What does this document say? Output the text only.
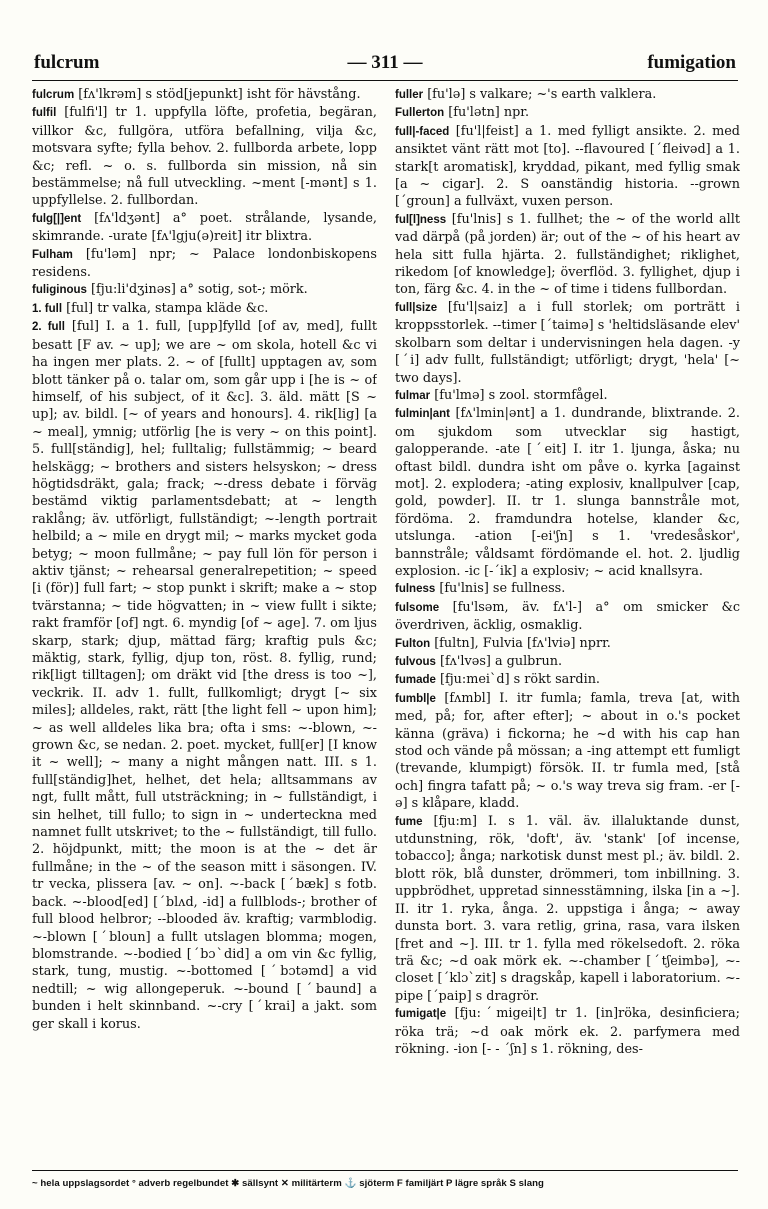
fulcrum	— 311 —	fumigation

fulcrum [fʌ'lkrəm] s stöd[jepunkt] isht för hävstång.

fulfil [fulfi'l] tr 1. uppfylla löfte, profetia, begäran, villkor &c, fullgöra, utföra befallning, vilja &c, motsvara syfte; fylla behov. 2. fullborda arbete, lopp &c; refl. ~ o. s. fullborda sin mission, nå sin bestämmelse; nå full utveckling. ~ment [-mənt] s 1. uppfyllelse. 2. fullbordan.

fulg[|]ent [fʌ'ldʒənt] a° poet. strålande, lysande, skimrande. -urate [fʌ'lgju(ə)reit] itr blixtra.

Fulham [fu'ləm] npr; ~ Palace londonbiskopens residens.

fuliginous [fju:li'dʒinəs] a° sotig, sot-; mörk.

1. full [ful] tr valka, stampa kläde &c.

2. full [ful] I. a 1. full, [upp]fylld [of av, med], fullt besatt [F av. ~ up]; we are ~ om skola, hotell &c vi ha ingen mer plats. 2. ~ of [fullt] upptagen av, som blott tänker på o. talar om, som går upp i [he is ~ of himself, of his subject, of it &c]. 3. äld. mätt [S ~ up]; av. bildl. [~ of years and honours]. 4. rik[lig] [a ~ meal], ymnig; utförlig [he is very ~ on this point]. 5. full[ständig], hel; fulltalig; fullstämmig; ~ beard helskägg; ~ brothers and sisters helsyskon; ~ dress högtidsdräkt, gala; frack; ~-dress debate i förväg bestämd viktig parlamentsdebatt; at ~ length raklång; äv. utförligt, fullständigt; ~-length portrait helbild; a ~ mile en drygt mil; ~ marks mycket goda betyg; ~ moon fullmåne; ~ pay full lön för person i aktiv tjänst; ~ rehearsal generalrepetition; ~ speed [i (för)] full fart; ~ stop punkt i skrift; make a ~ stop tvärstanna; ~ tide högvatten; in ~ view fullt i sikte; rakt framför [of] ngt. 6. myndig [of ~ age]. 7. om ljus skarp, stark; djup, mättad färg; kraftig puls &c; mäktig, stark, fyllig, djup ton, röst. 8. fyllig, rund; rik[ligt tilltagen]; om dräkt vid [the dress is too ~], veckrik. II. adv 1. fullt, fullkomligt; drygt [~ six miles]; alldeles, rakt, rätt [the light fell ~ upon him]; ~ as well alldeles lika bra; ofta i sms: ~-blown, ~-grown &c, se nedan. 2. poet. mycket, full[er] [I know it ~ well]; ~ many a night mången natt. III. s 1. full[ständig]het, helhet, det hela; alltsammans av ngt, fullt mått, full utsträckning; in ~ fullständigt, i sin helhet, till fullo; to sign in ~ underteckna med namnet fullt utskrivet; to the ~ fullständigt, till fullo. 2. höjdpunkt, mitt; the moon is at the ~ det är fullmåne; in the ~ of the season mitt i säsongen. IV. tr vecka, plissera [av. ~ on]. ~-back [ˊbæk] s fotb. back. ~-blood[ed] [ˊblʌd, -id] a fullblods-; brother of full blood helbror; --blooded äv. kraftig; varmblodig. ~-blown [ˊbloun] a fullt utslagen blomma; mogen, blomstrande. ~-bodied [ˊbɔˋdid] a om vin &c fyllig, stark, tung, mustig. ~-bottomed [ˊbɔtəmd] a vid nedtill; ~ wig allongeperuk. ~-bound [ˊbaund] a bunden i helt skinnband. ~-cry [ˊkrai] a jakt. som ger skall i korus.

fuller [fu'lə] s valkare; ~'s earth valklera.

Fullerton [fu'lətn] npr.

full|-faced [fu'l|feist] a 1. med fylligt ansikte. 2. med ansiktet vänt rätt mot [to]. --flavoured [ˊfleivəd] a 1. stark[t aromatisk], kryddad, pikant, med fyllig smak [a ~ cigar]. 2. S oanständig historia. --grown [ˊgroun] a fullväxt, vuxen person.

ful[l]ness [fu'lnis] s 1. fullhet; the ~ of the world allt vad därpå (på jorden) är; out of the ~ of his heart av hela sitt fulla hjärta. 2. fullständighet; riklighet, rikedom [of knowledge]; överflöd. 3. fyllighet, djup i ton, färg &c. 4. in the ~ of time i tidens fullbordan.

full|size [fu'l|saiz] a i full storlek; om porträtt i kroppsstorlek. --timer [ˊtaimə] s 'heltidsläsande elev' skolbarn som deltar i undervisningen hela dagen. -y [ˊi] adv fullt, fullständigt; utförligt; drygt, 'hela' [~ two days].

fulmar [fu'lmə] s zool. stormfågel.

fulmin|ant [fʌ'lmin|ənt] a 1. dundrande, blixtrande. 2. om sjukdom som utvecklar sig hastigt, galopperande. -ate [ˊeit] I. itr 1. ljunga, åska; nu oftast bildl. dundra isht om påve o. kyrka [against mot]. 2. explodera; -ating explosiv, knallpulver [cap, gold, powder]. II. tr 1. slunga bannstråle mot, fördöma. 2. framdundra hotelse, klander &c, utslunga. -ation [-ei'ʃn] s 1. 'vredesåskor', bannstråle; våldsamt fördömande el. hot. 2. ljudlig explosion. -ic [-ˊik] a explosiv; ~ acid knallsyra.

fulness [fu'lnis] se fullness.

fulsome [fu'lsəm, äv. fʌ'l-] a° om smicker &c överdriven, äcklig, osmaklig.

Fulton [fultn], Fulvia [fʌ'lviə] nprr.

fulvous [fʌ'lvəs] a gulbrun.

fumade [fju:meiˋd] s rökt sardin.

fumbl|e [fʌmbl] I. itr fumla; famla, treva [at, with med, på; for, after efter]; ~ about in o.'s pocket känna (gräva) i fickorna; he ~d with his cap han stod och vände på mössan; a -ing attempt ett fumligt (trevande, klumpigt) försök. II. tr fumla med, [stå och] fingra tafatt på; ~ o.'s way treva sig fram. -er [-ə] s klåpare, kladd.

fume [fju:m] I. s 1. väl. äv. illaluktande dunst, utdunstning, rök, 'doft', äv. 'stank' [of incense, tobacco]; ånga; narkotisk dunst mest pl.; äv. bildl. 2. blott rök, blå dunster, drömmeri, tom inbillning. 3. uppbrödhet, uppretad sinnesstämning, ilska [in a ~]. II. itr 1. ryka, ånga. 2. uppstiga i ånga; ~ away dunsta bort. 3. vara retlig, grina, rasa, vara ilsken [fret and ~]. III. tr 1. fylla med rökelsedoft. 2. röka trä &c; ~d oak mörk ek. ~-chamber [ˊtʃeimbə], ~-closet [ˊklɔˋzit] s dragskåp, kapell i laboratorium. ~-pipe [ˊpaip] s dragrör.

fumigat|e [fju:ˊmigei|t] tr 1. [in]röka, desinficiera; röka trä; ~d oak mörk ek. 2. parfymera med rökning. -ion [- - ˊʃn] s 1. rökning, des-

~ hela uppslagsordet ° adverb regelbundet ✱ sällsynt ✕ militärterm ⚓ sjöterm F familjärt P lägre språk S slang
